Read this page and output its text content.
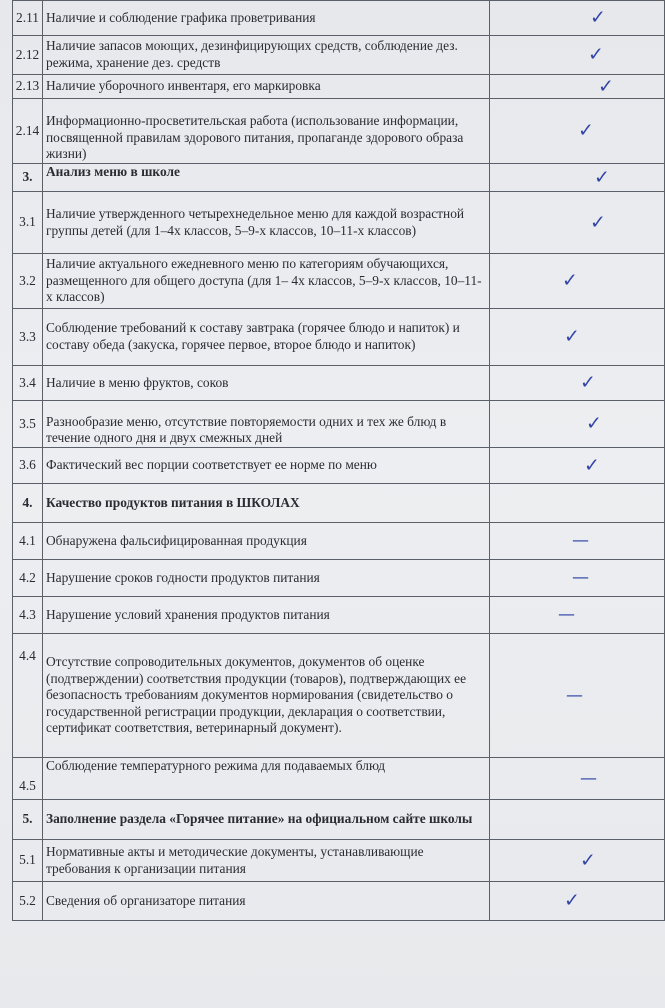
2.11	Наличие и соблюдение графика проветривания	✓

2.12	Наличие запасов моющих, дезинфицирующих средств, соблюдение дез. режима, хранение дез. средств	✓

2.13	Наличие уборочного инвентаря, его маркировка	✓

2.14	Информационно-просветительская работа (использование информации, посвященной правилам здорового питания, пропаганде здорового образа жизни)	✓

3.	Анализ меню в школе	✓

3.1	Наличие утвержденного четырехнедельное меню для каждой возрастной группы детей (для 1–4х классов, 5–9-х классов, 10–11-х классов)	✓

3.2	Наличие актуального ежедневного меню по категориям обучающихся, размещенного для общего доступа (для 1– 4х классов, 5–9-х классов, 10–11-х классов)	✓

3.3	Соблюдение требований к составу завтрака (горячее блюдо и напиток) и составу обеда (закуска, горячее первое, второе блюдо и напиток)	✓

3.4	Наличие в меню фруктов, соков	✓

3.5	Разнообразие меню, отсутствие повторяемости одних и тех же блюд в течение одного дня и двух смежных дней	✓

3.6	Фактический вес порции соответствует ее норме по меню	✓

4.	Качество продуктов питания в ШКОЛАХ	
4.1	Обнаружена фальсифицированная продукция	—

4.2	Нарушение сроков годности продуктов питания	—

4.3	Нарушение условий хранения продуктов питания	—

4.4	Отсутствие сопроводительных документов, документов об оценке (подтверждении) соответствия продукции (товаров), подтверждающих ее безопасность требованиям документов нормирования (свидетельство о государственной регистрации продукции, декларация о соответствии, сертификат соответствия, ветеринарный документ).	—

4.5	Соблюдение температурного режима для подаваемых блюд	—

5.	Заполнение раздела «Горячее питание» на официальном сайте школы	
5.1	Нормативные акты и методические документы, устанавливающие требования к организации питания	✓

5.2	Сведения об организаторе питания	✓
